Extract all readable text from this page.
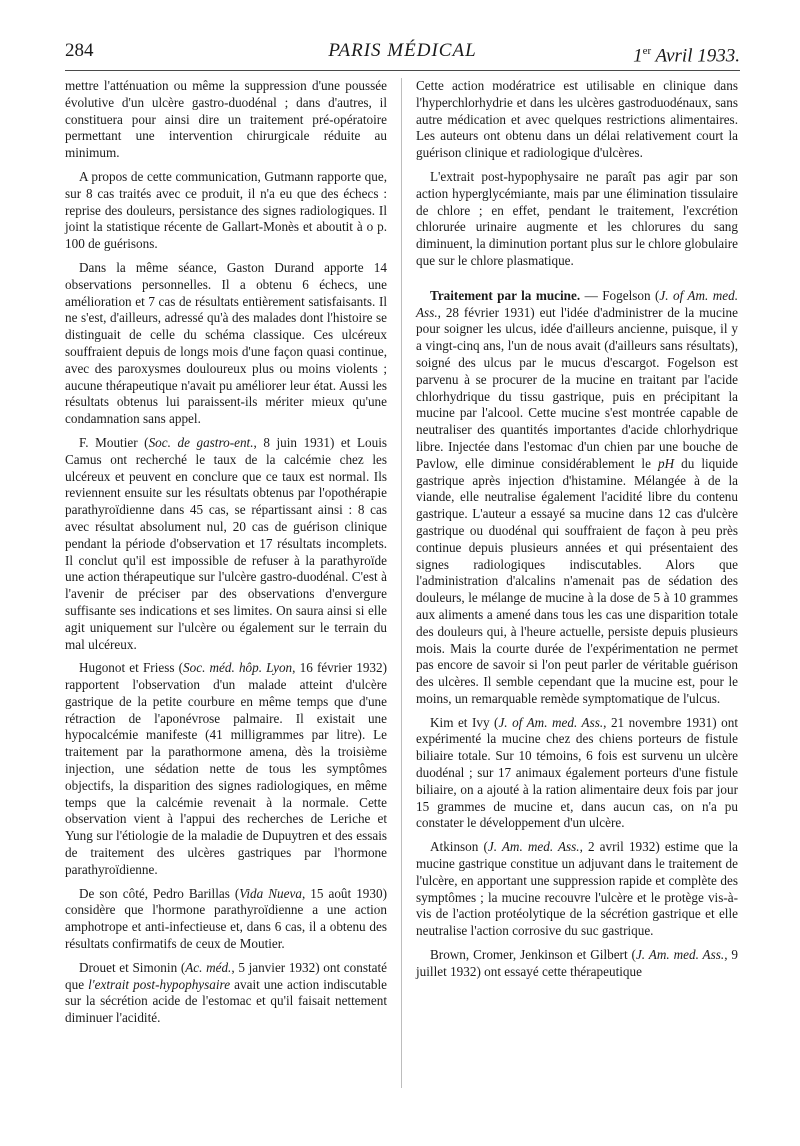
284	PARIS MÉDICAL	1er Avril 1933.

mettre l'atténuation ou même la suppression d'une poussée évolutive d'un ulcère gastro-duodénal ; dans d'autres, il constituera pour ainsi dire un traitement pré-opératoire permettant une intervention chirurgicale réduite au minimum.

A propos de cette communication, Gutmann rapporte que, sur 8 cas traités avec ce produit, il n'a eu que des échecs : reprise des douleurs, persistance des signes radiologiques. Il joint la statistique récente de Gallart-Monès et aboutit à o p. 100 de guérisons.

Dans la même séance, Gaston Durand apporte 14 observations personnelles. Il a obtenu 6 échecs, une amélioration et 7 cas de résultats entièrement satisfaisants. Il ne s'est, d'ailleurs, adressé qu'à des malades dont l'histoire se distinguait de celle du schéma classique. Ces ulcéreux souffraient depuis de longs mois d'une façon quasi continue, avec des paroxysmes douloureux plus ou moins violents ; aucune thérapeutique n'avait pu améliorer leur état. Aussi les résultats obtenus lui paraissent-ils mériter mieux qu'une condamnation sans appel.

F. Moutier (Soc. de gastro-ent., 8 juin 1931) et Louis Camus ont recherché le taux de la calcémie chez les ulcéreux et peuvent en conclure que ce taux est normal. Ils reviennent ensuite sur les résultats obtenus par l'opothérapie parathyroïdienne dans 45 cas, se répartissant ainsi : 8 cas avec résultat absolument nul, 20 cas de guérison clinique pendant la période d'observation et 17 résultats incomplets. Il conclut qu'il est impossible de refuser à la parathyroïde une action thérapeutique sur l'ulcère gastro-duodénal. C'est à l'avenir de préciser par des observations d'envergure suffisante ses indications et ses limites. On saura ainsi si elle agit uniquement sur l'ulcère ou également sur le terrain du mal ulcéreux.

Hugonot et Friess (Soc. méd. hôp. Lyon, 16 février 1932) rapportent l'observation d'un malade atteint d'ulcère gastrique de la petite courbure en même temps que d'une rétraction de l'aponévrose palmaire. Il existait une hypocalcémie manifeste (41 milligrammes par litre). Le traitement par la parathormone amena, dès la troisième injection, une sédation nette de tous les symptômes objectifs, la disparition des signes radiologiques, en même temps que la calcémie revenait à la normale. Cette observation vient à l'appui des recherches de Leriche et Yung sur l'étiologie de la maladie de Dupuytren et des essais de traitement des ulcères gastriques par l'hormone parathyroïdienne.

De son côté, Pedro Barillas (Vida Nueva, 15 août 1930) considère que l'hormone parathyroïdienne a une action amphotrope et anti-infectieuse et, dans 6 cas, il a obtenu des résultats confirmatifs de ceux de Moutier.

Drouet et Simonin (Ac. méd., 5 janvier 1932) ont constaté que l'extrait post-hypophysaire avait une action indiscutable sur la sécrétion acide de l'estomac et qu'il faisait nettement diminuer l'acidité.

Cette action modératrice est utilisable en clinique dans l'hyperchlorhydrie et dans les ulcères gastroduodénaux, sans autre médication et avec quelques restrictions alimentaires. Les auteurs ont obtenu dans un délai relativement court la guérison clinique et radiologique d'ulcères.

L'extrait post-hypophysaire ne paraît pas agir par son action hyperglycémiante, mais par une élimination tissulaire de chlore ; en effet, pendant le traitement, l'excrétion chlorurée urinaire augmente et les chlorures du sang diminuent, la diminution portant plus sur le chlore globulaire que sur le chlore plasmatique.

Traitement par la mucine. — Fogelson (J. of Am. med. Ass., 28 février 1931) eut l'idée d'administrer de la mucine pour soigner les ulcus, idée d'ailleurs ancienne, puisque, il y a vingt-cinq ans, l'un de nous avait (d'ailleurs sans résultats), soigné des ulcus par le mucus d'escargot. Fogelson est parvenu à se procurer de la mucine en traitant par l'acide chlorhydrique du tissu gastrique, puis en précipitant la mucine par l'alcool. Cette mucine s'est montrée capable de neutraliser des quantités importantes d'acide chlorhydrique libre. Injectée dans l'estomac d'un chien par une bouche de Pavlow, elle diminue considérablement le pH du liquide gastrique après injection d'histamine. Mélangée à de la viande, elle neutralise également l'acidité libre du contenu gastrique. L'auteur a essayé sa mucine dans 12 cas d'ulcère gastrique ou duodénal qui souffraient de façon à peu près continue depuis plusieurs années et qui présentaient des signes radiologiques indiscutables. Alors que l'administration d'alcalins n'amenait pas de sédation des douleurs, le mélange de mucine à la dose de 5 à 10 grammes aux aliments a amené dans tous les cas une disparition totale des douleurs qui, à l'heure actuelle, persiste depuis plusieurs mois. Mais la courte durée de l'expérimentation ne permet pas encore de savoir si l'on peut parler de véritable guérison des ulcères. Il semble cependant que la mucine est, pour le moins, un remarquable remède symptomatique de l'ulcus.

Kim et Ivy (J. of Am. med. Ass., 21 novembre 1931) ont expérimenté la mucine chez des chiens porteurs de fistule biliaire totale. Sur 10 témoins, 6 fois est survenu un ulcère duodénal ; sur 17 animaux également porteurs d'une fistule biliaire, on a ajouté à la ration alimentaire deux fois par jour 15 grammes de mucine et, dans aucun cas, on n'a pu constater le développement d'un ulcère.

Atkinson (J. Am. med. Ass., 2 avril 1932) estime que la mucine gastrique constitue un adjuvant dans le traitement de l'ulcère, en apportant une suppression rapide et complète des symptômes ; la mucine recouvre l'ulcère et le protège vis-à-vis de l'action protéolytique de la sécrétion gastrique et elle neutralise l'action corrosive du suc gastrique.

Brown, Cromer, Jenkinson et Gilbert (J. Am. med. Ass., 9 juillet 1932) ont essayé cette thérapeutique
